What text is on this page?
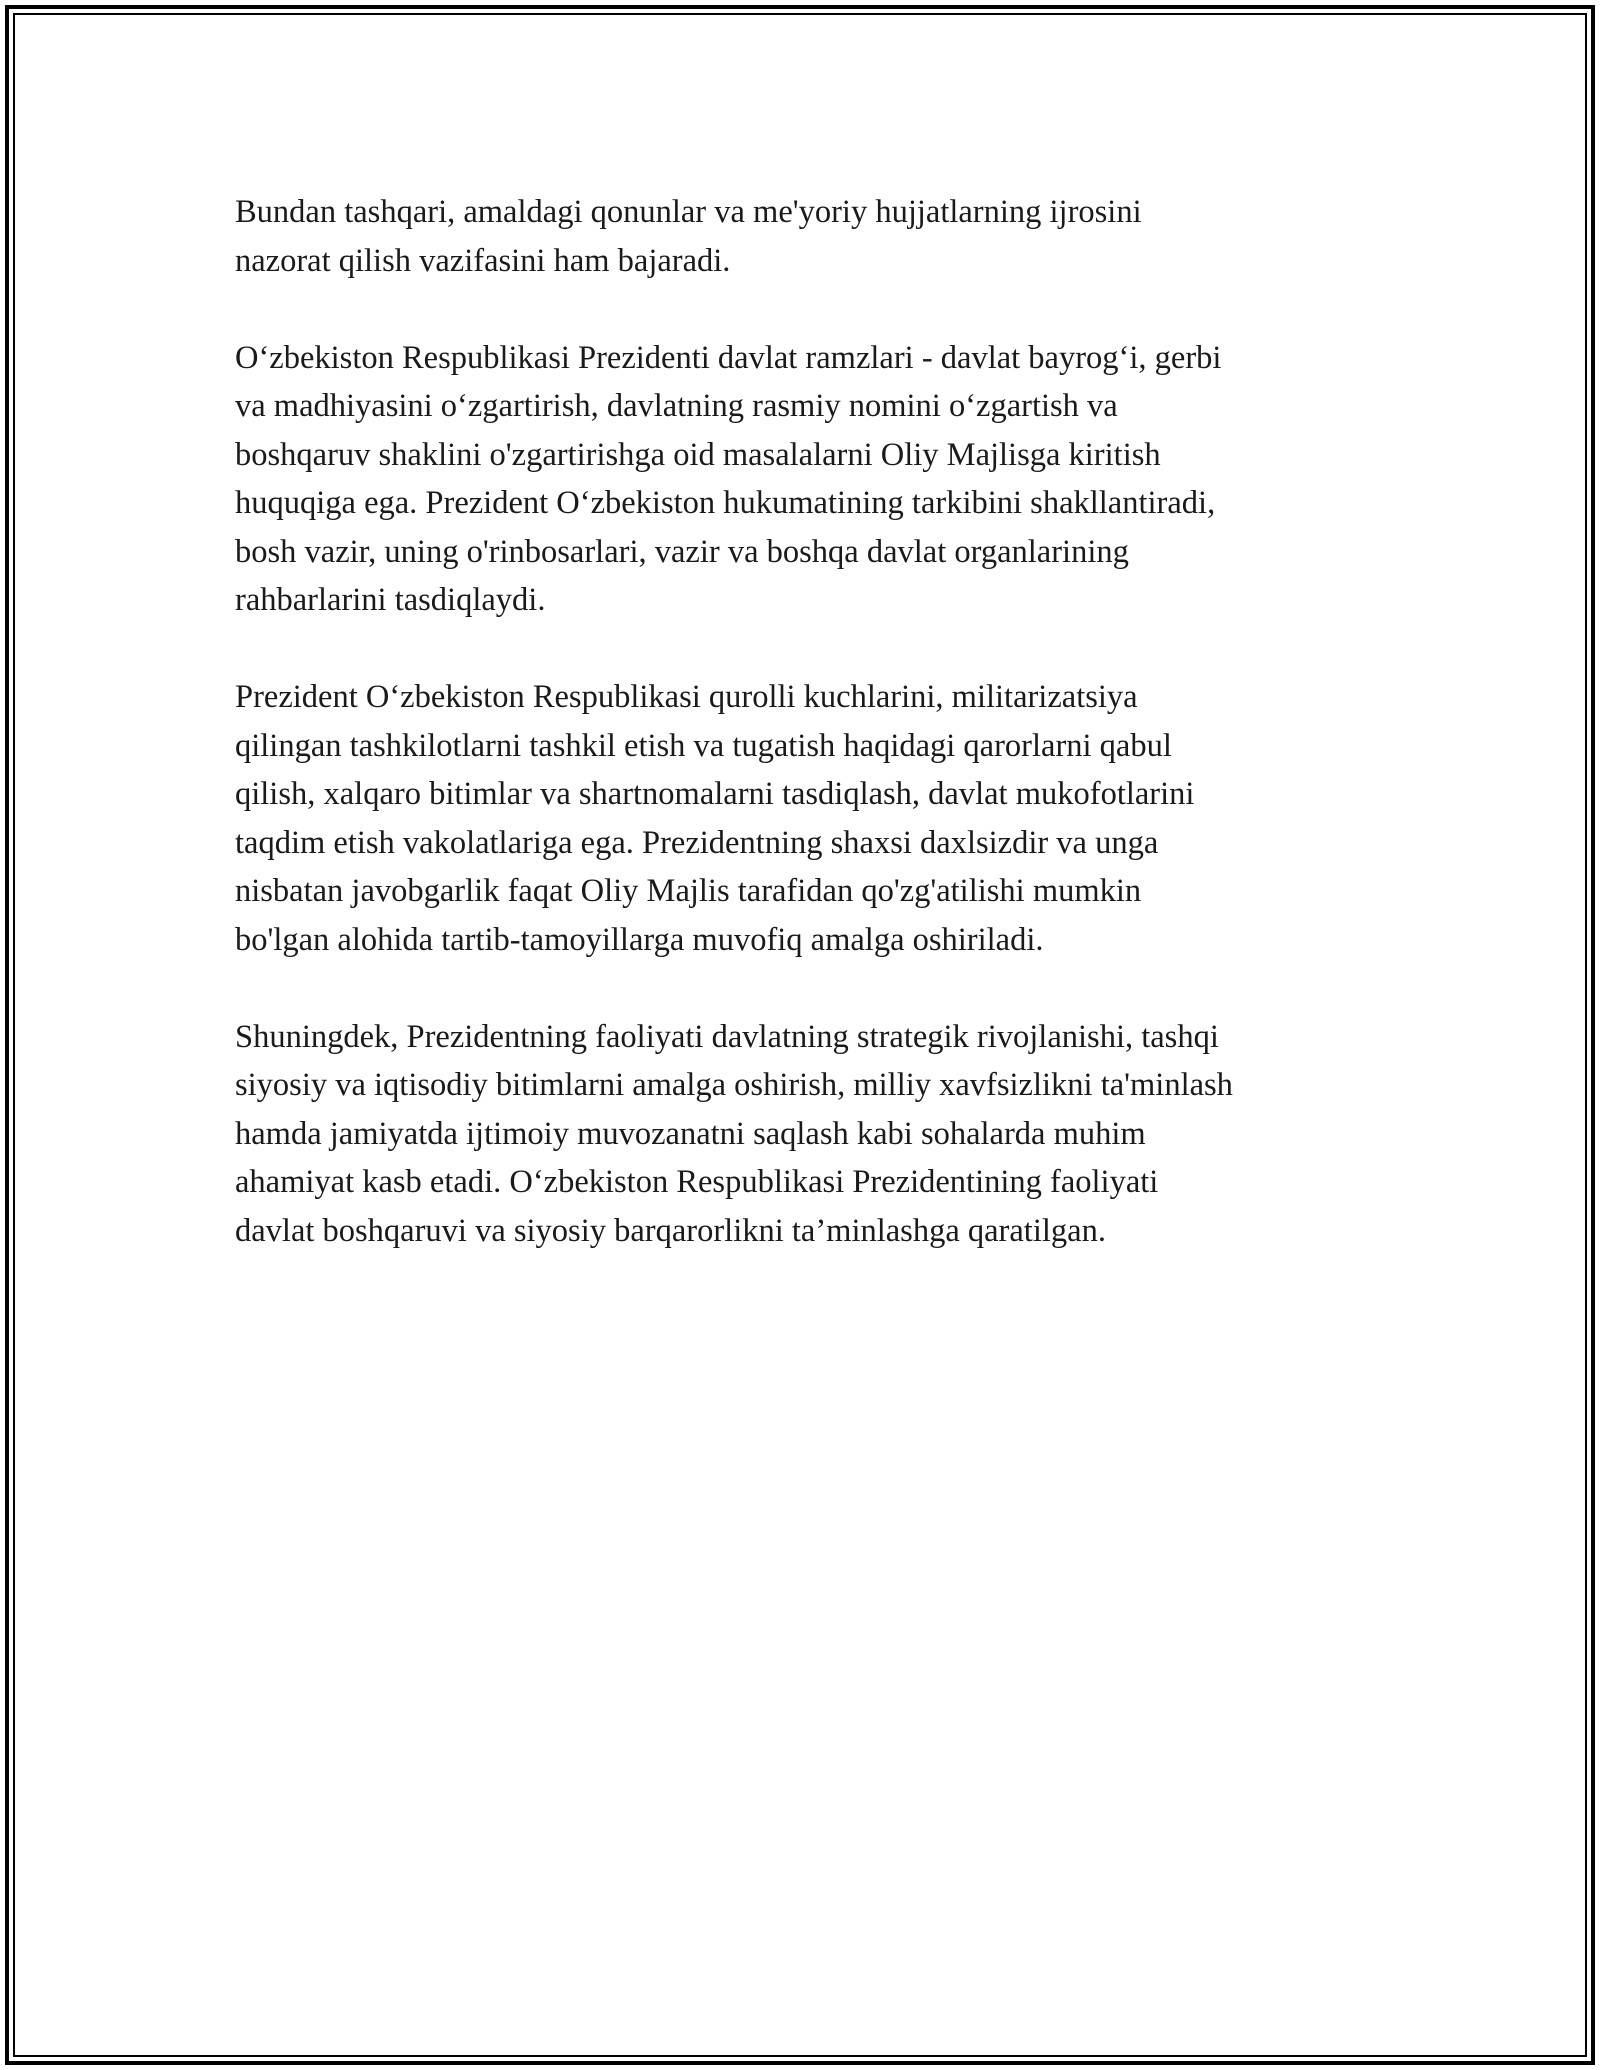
Bundan tashqari, amaldagi qonunlar va me'yoriy hujjatlarning ijrosini
nazorat qilish vazifasini ham bajaradi.

O‘zbekiston Respublikasi Prezidenti davlat ramzlari - davlat bayrog‘i, gerbi
va madhiyasini o‘zgartirish, davlatning rasmiy nomini o‘zgartish va
boshqaruv shaklini o'zgartirishga oid masalalarni Oliy Majlisga kiritish
huquqiga ega. Prezident O‘zbekiston hukumatining tarkibini shakllantiradi,
bosh vazir, uning o'rinbosarlari, vazir va boshqa davlat organlarining
rahbarlarini tasdiqlaydi.

Prezident O‘zbekiston Respublikasi qurolli kuchlarini, militarizatsiya
qilingan tashkilotlarni tashkil etish va tugatish haqidagi qarorlarni qabul
qilish, xalqaro bitimlar va shartnomalarni tasdiqlash, davlat mukofotlarini
taqdim etish vakolatlariga ega. Prezidentning shaxsi daxlsizdir va unga
nisbatan javobgarlik faqat Oliy Majlis tarafidan qo'zg'atilishi mumkin
bo'lgan alohida tartib-tamoyillarga muvofiq amalga oshiriladi.

Shuningdek, Prezidentning faoliyati davlatning strategik rivojlanishi, tashqi
siyosiy va iqtisodiy bitimlarni amalga oshirish, milliy xavfsizlikni ta'minlash
hamda jamiyatda ijtimoiy muvozanatni saqlash kabi sohalarda muhim
ahamiyat kasb etadi. O‘zbekiston Respublikasi Prezidentining faoliyati
davlat boshqaruvi va siyosiy barqarorlikni ta’minlashga qaratilgan.
